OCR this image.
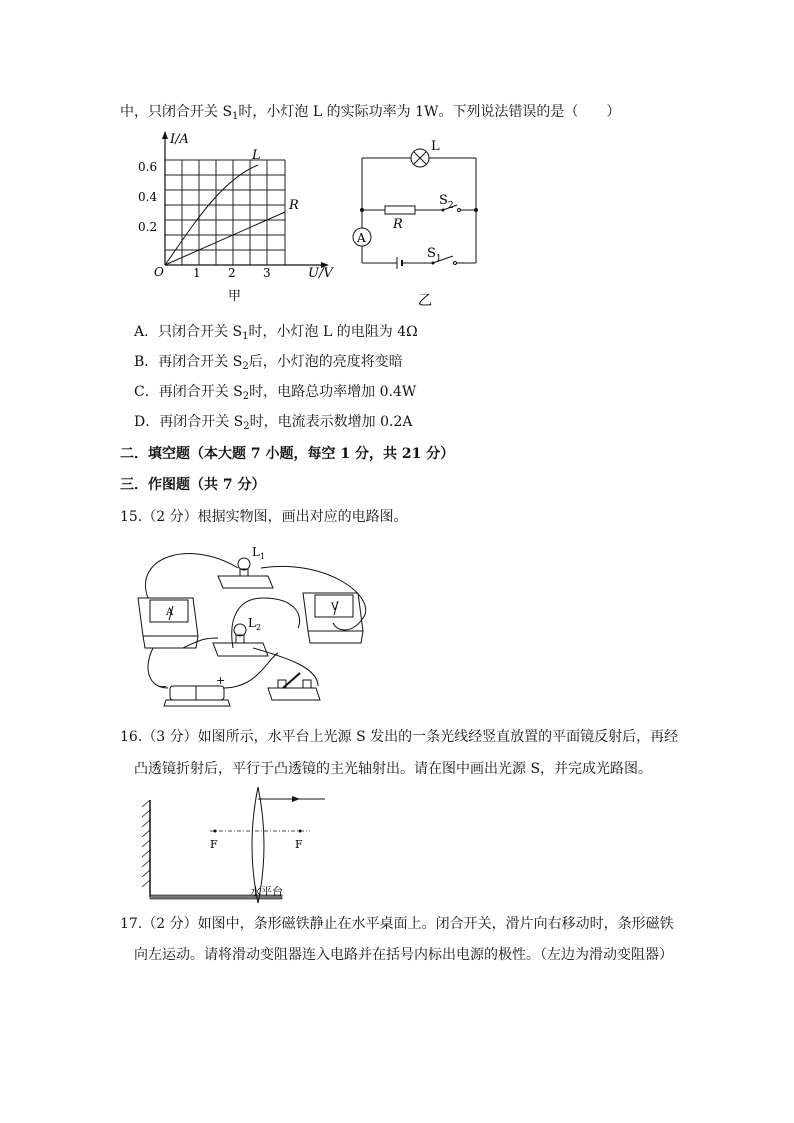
中，只闭合开关 $S_1$时，小灯泡 L 的实际功率为 1W。下列说法错误的是（　　）
I/A
U/V
O
0.6
0.4
0.2
1 2 3
L
R
甲
L
R
A
$S_2$
$S_1$
乙
A．只闭合开关 $S_1$时，小灯泡 L 的电阻为 4Ω
B．再闭合开关 $S_2$后，小灯泡的亮度将变暗
C．再闭合开关 $S_2$时，电路总功率增加 0.4W
D．再闭合开关 $S_2$时，电流表示数增加 0.2A
二．填空题（本大题 7 小题，每空 1 分，共 21 分）
三．作图题（共 7 分）
15.（2 分）根据实物图，画出对应的电路图。
$L_1$
$L_2$
A	V
−	+
16.（3 分）如图所示，水平台上光源 S 发出的一条光线经竖直放置的平面镜反射后，再经
凸透镜折射后，平行于凸透镜的主光轴射出。请在图中画出光源 S，并完成光路图。
F	F
水平台
17.（2 分）如图中，条形磁铁静止在水平桌面上。闭合开关，滑片向右移动时，条形磁铁
向左运动。请将滑动变阻器连入电路并在括号内标出电源的极性。（左边为滑动变阻器）
